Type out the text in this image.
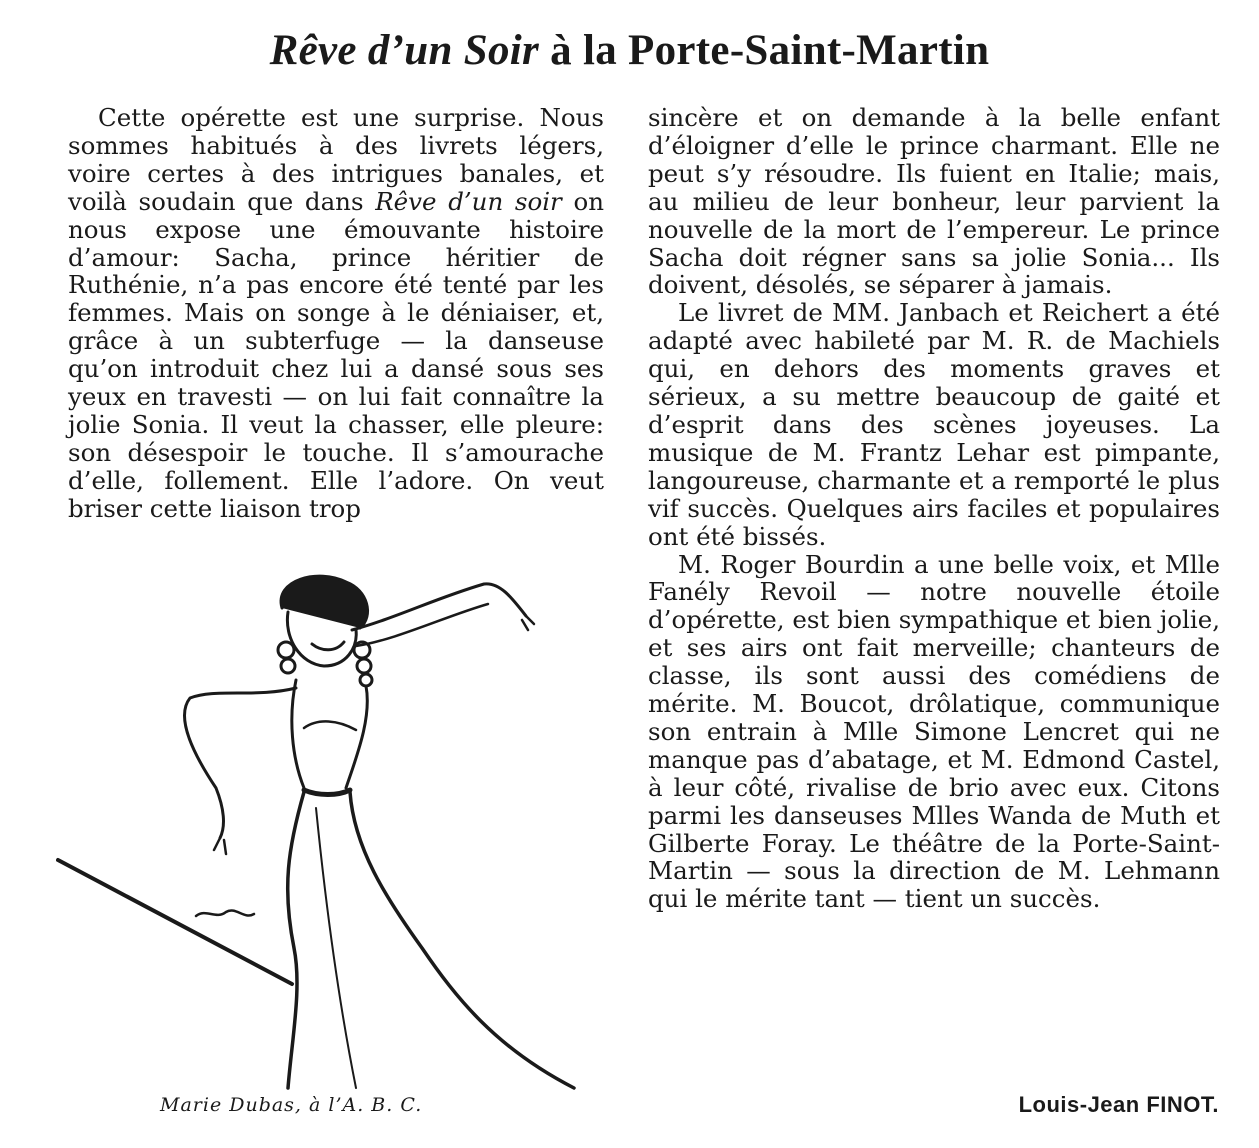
Rêve d’un Soir à la Porte-Saint-Martin

Cette opérette est une surprise. Nous sommes habitués à des livrets légers, voire certes à des intrigues banales, et voilà soudain que dans Rêve d’un soir on nous expose une émouvante histoire d’amour: Sacha, prince héritier de Ruthénie, n’a pas encore été tenté par les femmes. Mais on songe à le déniaiser, et, grâce à un subterfuge — la danseuse qu’on introduit chez lui a dansé sous ses yeux en travesti — on lui fait connaître la jolie Sonia. Il veut la chasser, elle pleure: son désespoir le touche. Il s’amourache d’elle, follement. Elle l’adore. On veut briser cette liaison trop

Marie Dubas, à l’A. B. C.

sincère et on demande à la belle enfant d’éloigner d’elle le prince charmant. Elle ne peut s’y résoudre. Ils fuient en Italie; mais, au milieu de leur bonheur, leur parvient la nouvelle de la mort de l’empereur. Le prince Sacha doit régner sans sa jolie Sonia... Ils doivent, désolés, se séparer à jamais.

Le livret de MM. Janbach et Reichert a été adapté avec habileté par M. R. de Machiels qui, en dehors des moments graves et sérieux, a su mettre beaucoup de gaité et d’esprit dans des scènes joyeuses. La musique de M. Frantz Lehar est pimpante, langoureuse, charmante et a remporté le plus vif succès. Quelques airs faciles et populaires ont été bissés.

M. Roger Bourdin a une belle voix, et Mlle Fanély Revoil — notre nouvelle étoile d’opérette, est bien sympathique et bien jolie, et ses airs ont fait merveille; chanteurs de classe, ils sont aussi des comédiens de mérite. M. Boucot, drôlatique, communique son entrain à Mlle Simone Lencret qui ne manque pas d’abatage, et M. Edmond Castel, à leur côté, rivalise de brio avec eux. Citons parmi les danseuses Mlles Wanda de Muth et Gilberte Foray. Le théâtre de la Porte-Saint-Martin — sous la direction de M. Lehmann qui le mérite tant — tient un succès.

Louis-Jean FINOT.
